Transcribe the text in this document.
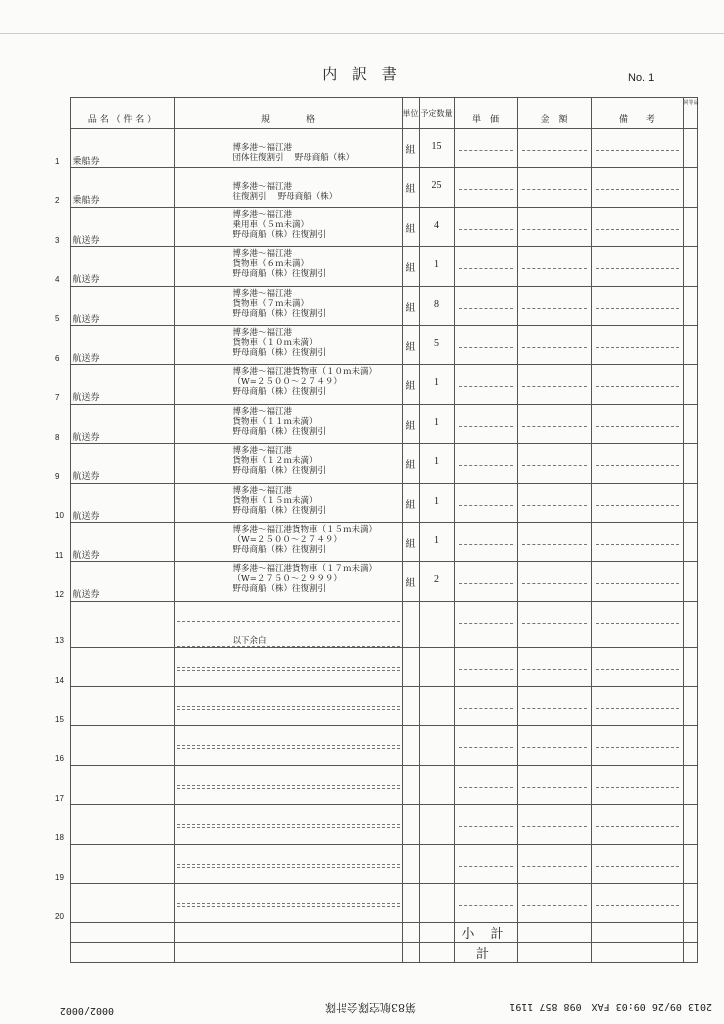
内 訳 書	No. 1
	品 名 （ 件 名 ）	規　　　　格	単位	予定数量	単　価	金　額	備　　考	同等品

1	乗船券	博多港～福江港
団体往復割引　 野母商船（株）	組	15				

2	乗船券	博多港～福江港
往復割引　 野母商船（株）	組	25				

3	航送券	博多港～福江港
乗用車（５ｍ未満）
野母商船（株）往復割引	組	4				

4	航送券	博多港～福江港
貨物車（６ｍ未満）
野母商船（株）往復割引	組	1				

5	航送券	博多港～福江港
貨物車（７ｍ未満）
野母商船（株）往復割引	組	8				

6	航送券	博多港～福江港
貨物車（１０ｍ未満）
野母商船（株）往復割引	組	5				

7	航送券	博多港～福江港貨物車（１０ｍ未満）
（W=２５００～２７４９）
野母商船（株）往復割引	組	1				

8	航送券	博多港～福江港
貨物車（１１ｍ未満）
野母商船（株）往復割引	組	1				

9	航送券	博多港～福江港
貨物車（１２ｍ未満）
野母商船（株）往復割引	組	1				

10	航送券	博多港～福江港
貨物車（１５ｍ未満）
野母商船（株）往復割引	組	1				

11	航送券	博多港～福江港貨物車（１５ｍ未満）
（W=２５００～２７４９）
野母商船（株）往復割引	組	1				

12	航送券	博多港～福江港貨物車（１７ｍ未満）
（W=２７５０～２９９９）
野母商船（株）往復割引	組	2				

13		以下余白						

14								

15								

16								

17								

18								

19								

20								

					小 計			
					計			
2013 09/26 09:03 FAX　098 857 1191
第83航空隊会計隊
0002/0002
